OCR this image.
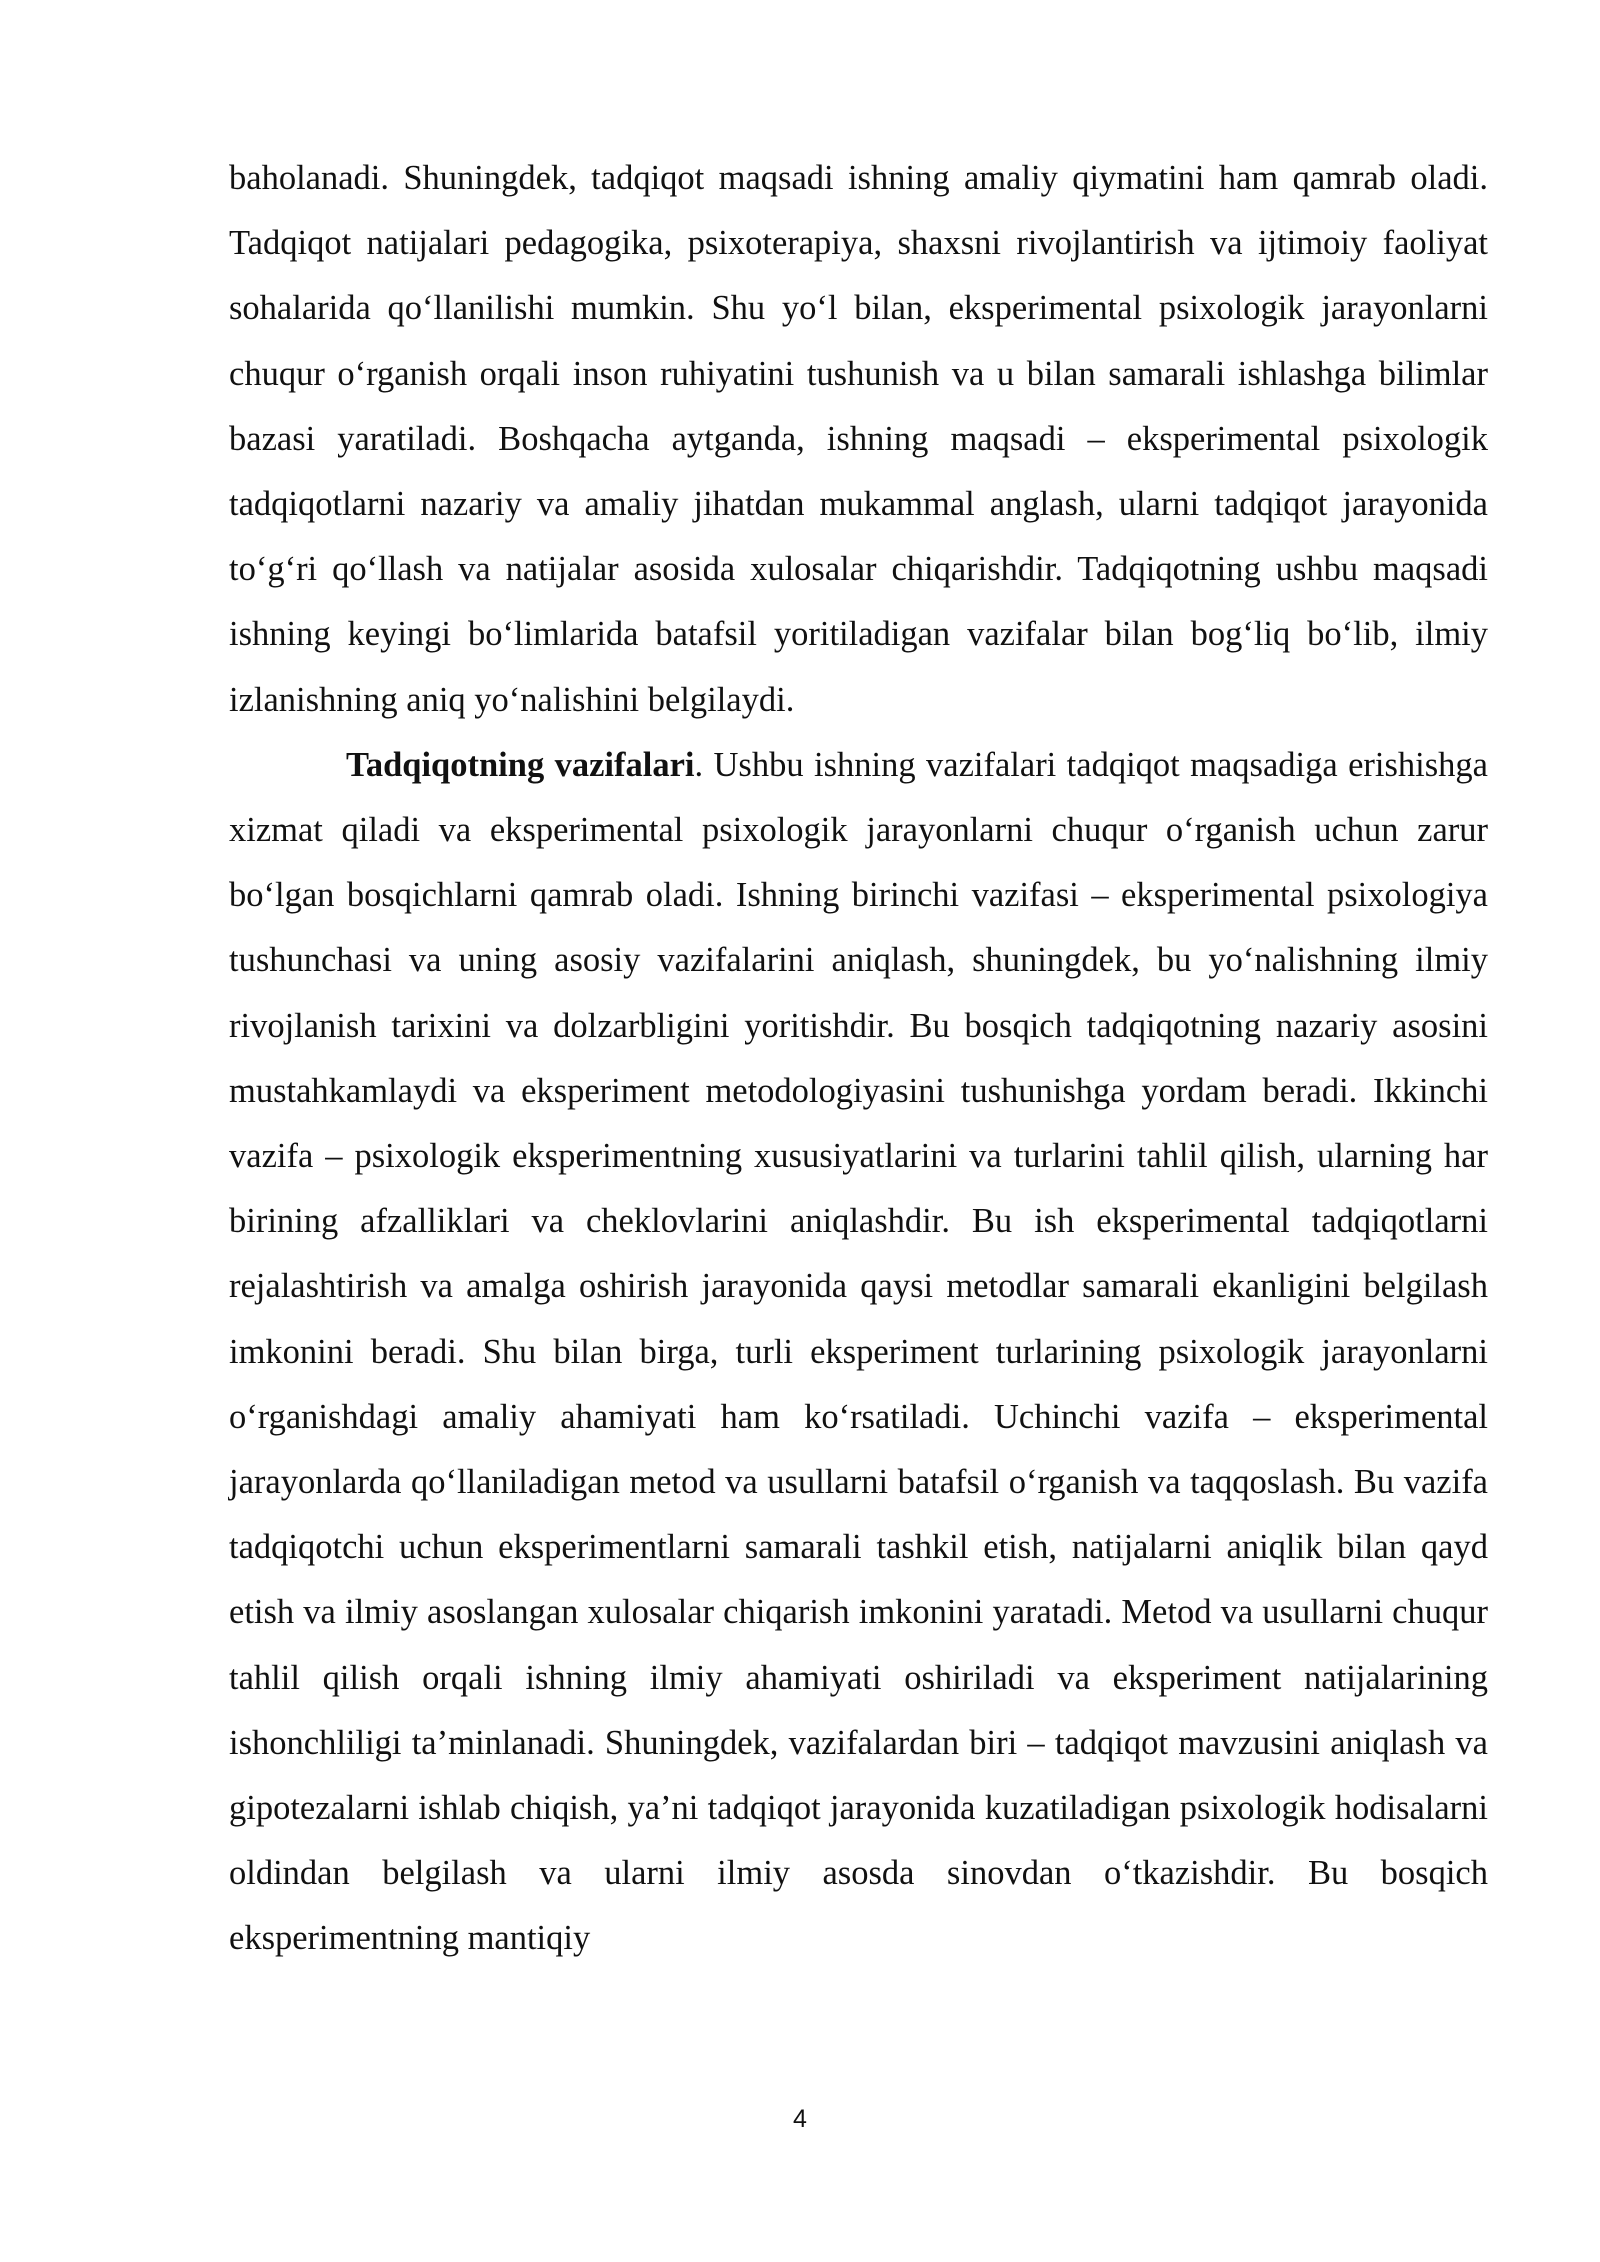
baholanadi. Shuningdek, tadqiqot maqsadi ishning amaliy qiymatini ham qamrab oladi. Tadqiqot natijalari pedagogika, psixoterapiya, shaxsni rivojlantirish va ijtimoiy faoliyat sohalarida qo‘llanilishi mumkin. Shu yo‘l bilan, eksperimental psixologik jarayonlarni chuqur o‘rganish orqali inson ruhiyatini tushunish va u bilan samarali ishlashga bilimlar bazasi yaratiladi. Boshqacha aytganda, ishning maqsadi – eksperimental psixologik tadqiqotlarni nazariy va amaliy jihatdan mukammal anglash, ularni tadqiqot jarayonida to‘g‘ri qo‘llash va natijalar asosida xulosalar chiqarishdir. Tadqiqotning ushbu maqsadi ishning keyingi bo‘limlarida batafsil yoritiladigan vazifalar bilan bog‘liq bo‘lib, ilmiy izlanishning aniq yo‘nalishini belgilaydi.

Tadqiqotning vazifalari. Ushbu ishning vazifalari tadqiqot maqsadiga erishishga xizmat qiladi va eksperimental psixologik jarayonlarni chuqur o‘rganish uchun zarur bo‘lgan bosqichlarni qamrab oladi. Ishning birinchi vazifasi – eksperimental psixologiya tushunchasi va uning asosiy vazifalarini aniqlash, shuningdek, bu yo‘nalishning ilmiy rivojlanish tarixini va dolzarbligini yoritishdir. Bu bosqich tadqiqotning nazariy asosini mustahkamlaydi va eksperiment metodologiyasini tushunishga yordam beradi. Ikkinchi vazifa – psixologik eksperimentning xususiyatlarini va turlarini tahlil qilish, ularning har birining afzalliklari va cheklovlarini aniqlashdir. Bu ish eksperimental tadqiqotlarni rejalashtirish va amalga oshirish jarayonida qaysi metodlar samarali ekanligini belgilash imkonini beradi. Shu bilan birga, turli eksperiment turlarining psixologik jarayonlarni o‘rganishdagi amaliy ahamiyati ham ko‘rsatiladi. Uchinchi vazifa – eksperimental jarayonlarda qo‘llaniladigan metod va usullarni batafsil o‘rganish va taqqoslash. Bu vazifa tadqiqotchi uchun eksperimentlarni samarali tashkil etish, natijalarni aniqlik bilan qayd etish va ilmiy asoslangan xulosalar chiqarish imkonini yaratadi. Metod va usullarni chuqur tahlil qilish orqali ishning ilmiy ahamiyati oshiriladi va eksperiment natijalarining ishonchliligi ta’minlanadi. Shuningdek, vazifalardan biri – tadqiqot mavzusini aniqlash va gipotezalarni ishlab chiqish, ya’ni tadqiqot jarayonida kuzatiladigan psixologik hodisalarni oldindan belgilash va ularni ilmiy asosda sinovdan o‘tkazishdir. Bu bosqich eksperimentning mantiqiy

4
